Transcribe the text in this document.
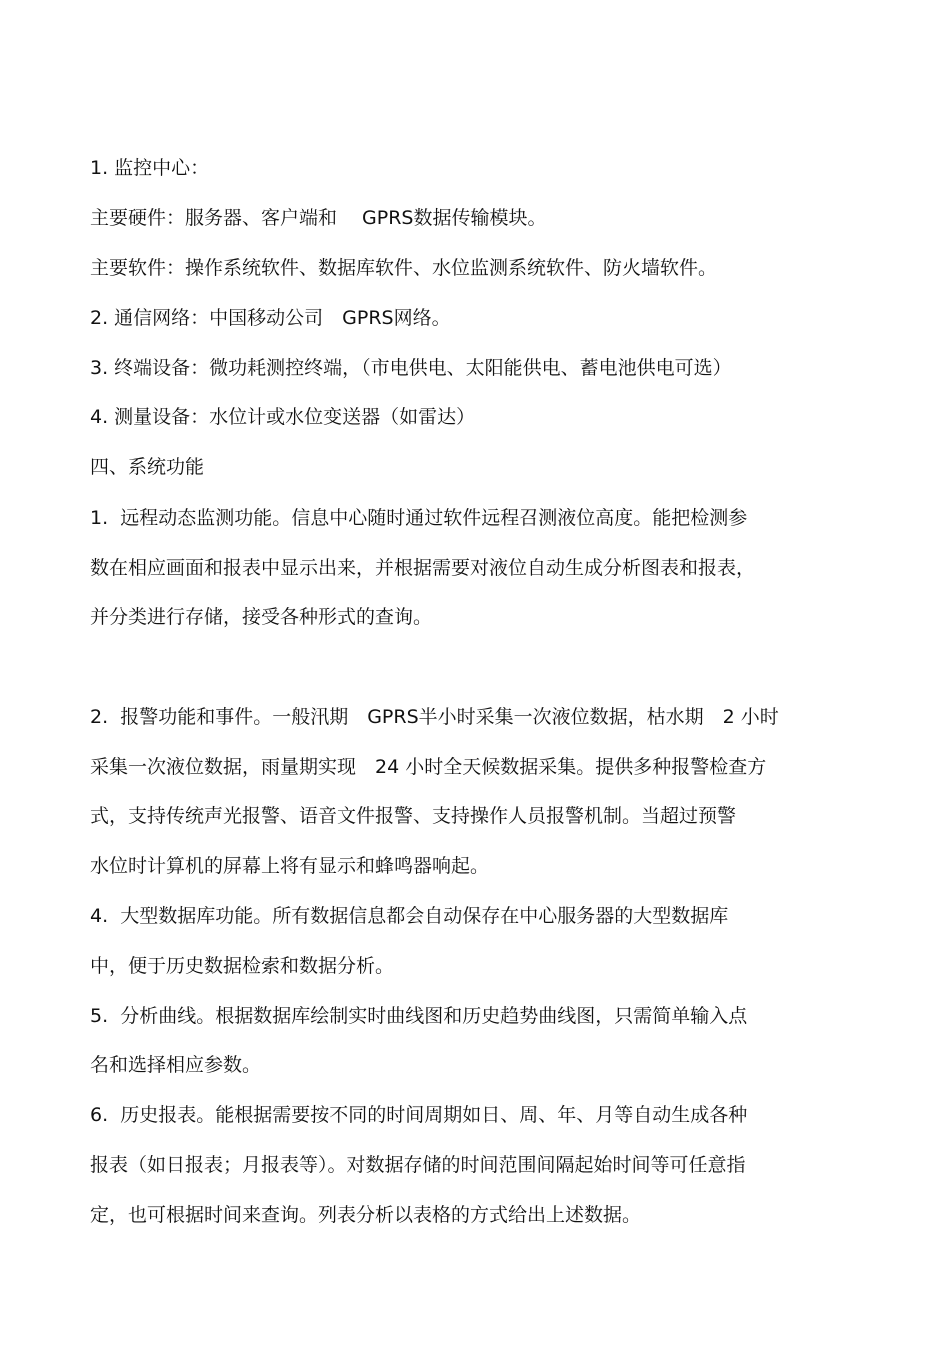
1. 监控中心：
主要硬件：服务器、客户端和　 GPRS数据传输模块。
主要软件：操作系统软件、数据库软件、水位监测系统软件、防火墙软件。
2. 通信网络：中国移动公司　GPRS网络。
3. 终端设备：微功耗测控终端，（市电供电、太阳能供电、蓄电池供电可选）
4. 测量设备：水位计或水位变送器（如雷达）
四、系统功能
1.  远程动态监测功能。信息中心随时通过软件远程召测液位高度。能把检测参
数在相应画面和报表中显示出来，并根据需要对液位自动生成分析图表和报表，
并分类进行存储，接受各种形式的查询。
2.  报警功能和事件。一般汛期　GPRS半小时采集一次液位数据，枯水期　2 小时
采集一次液位数据，雨量期实现　24 小时全天候数据采集。提供多种报警检查方
式，支持传统声光报警、语音文件报警、支持操作人员报警机制。当超过预警
水位时计算机的屏幕上将有显示和蜂鸣器响起。
4.  大型数据库功能。所有数据信息都会自动保存在中心服务器的大型数据库
中，便于历史数据检索和数据分析。
5.  分析曲线。根据数据库绘制实时曲线图和历史趋势曲线图，只需简单输入点
名和选择相应参数。
6.  历史报表。能根据需要按不同的时间周期如日、周、年、月等自动生成各种
报表（如日报表；月报表等）。对数据存储的时间范围间隔起始时间等可任意指
定，也可根据时间来查询。列表分析以表格的方式给出上述数据。
